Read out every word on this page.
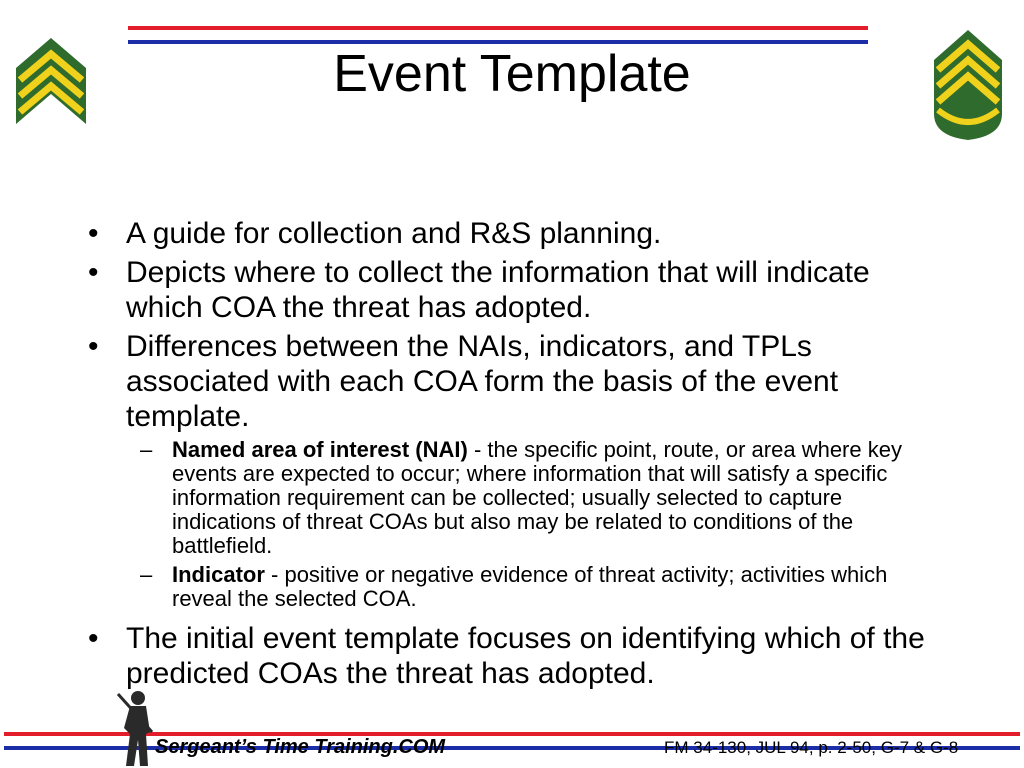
Event Template
• A guide for collection and R&S planning.
• Depicts where to collect the information that will indicate which COA the threat has adopted.
• Differences between the NAIs, indicators, and TPLs associated with each COA form the basis of the event template.
– Named area of interest (NAI) - the specific point, route, or area where key events are expected to occur; where information that will satisfy a specific information requirement can be collected; usually selected to capture indications of threat COAs but also may be related to conditions of the battlefield.
– Indicator - positive or negative evidence of threat activity; activities which reveal the selected COA.
• The initial event template focuses on identifying which of the predicted COAs the threat has adopted.
Sergeant’s Time Training.COM	FM 34-130, JUL 94, p. 2-50, G-7 & G-8
